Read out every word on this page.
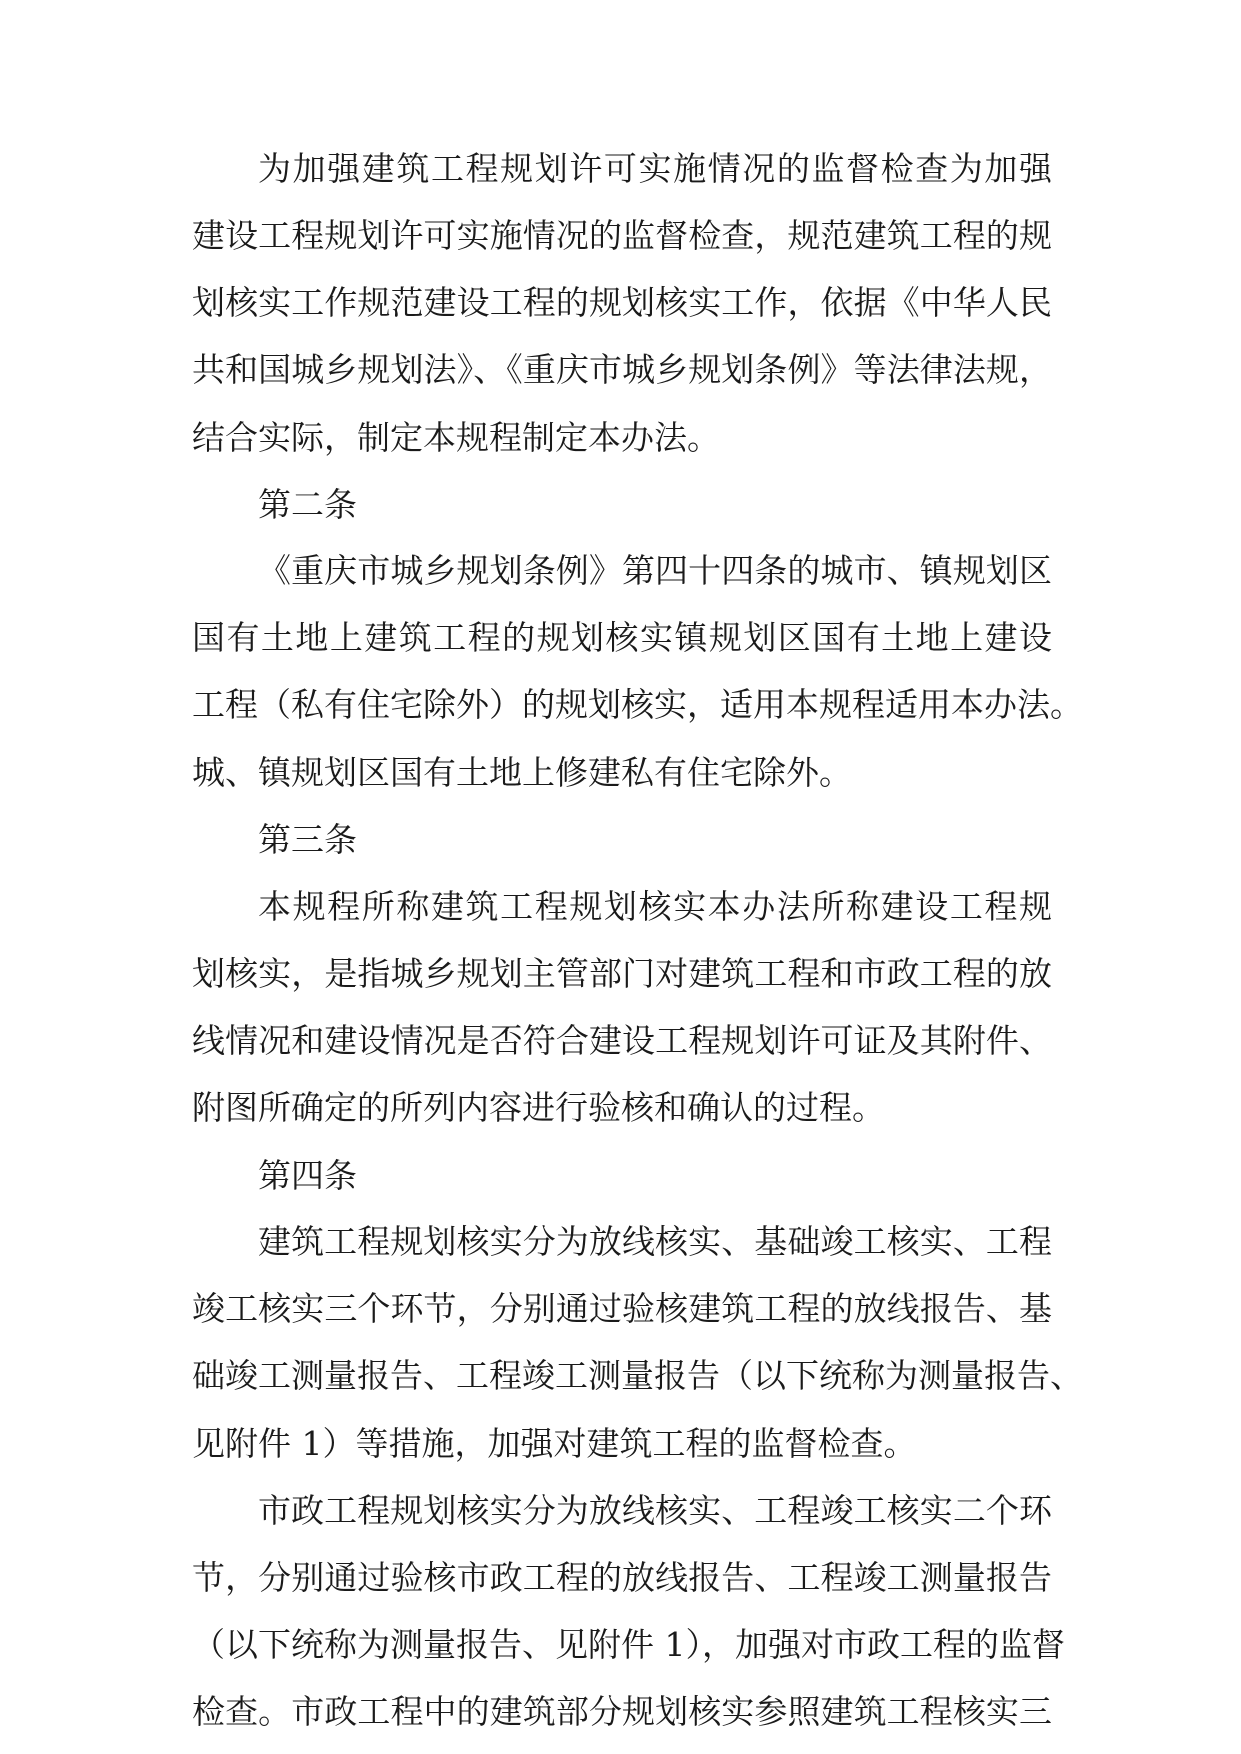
为加强建筑工程规划许可实施情况的监督检查为加强
建设工程规划许可实施情况的监督检查，规范建筑工程的规
划核实工作规范建设工程的规划核实工作，依据《中华人民
共和国城乡规划法》、《重庆市城乡规划条例》等法律法规，
结合实际，制定本规程制定本办法。
第二条
《重庆市城乡规划条例》第四十四条的城市、镇规划区
国有土地上建筑工程的规划核实镇规划区国有土地上建设
工程（私有住宅除外）的规划核实，适用本规程适用本办法。
城、镇规划区国有土地上修建私有住宅除外。
第三条
本规程所称建筑工程规划核实本办法所称建设工程规
划核实，是指城乡规划主管部门对建筑工程和市政工程的放
线情况和建设情况是否符合建设工程规划许可证及其附件、
附图所确定的所列内容进行验核和确认的过程。
第四条
建筑工程规划核实分为放线核实、基础竣工核实、工程
竣工核实三个环节，分别通过验核建筑工程的放线报告、基
础竣工测量报告、工程竣工测量报告（以下统称为测量报告、
见附件 1）等措施，加强对建筑工程的监督检查。
市政工程规划核实分为放线核实、工程竣工核实二个环
节，分别通过验核市政工程的放线报告、工程竣工测量报告
（以下统称为测量报告、见附件 1），加强对市政工程的监督
检查。市政工程中的建筑部分规划核实参照建筑工程核实三
